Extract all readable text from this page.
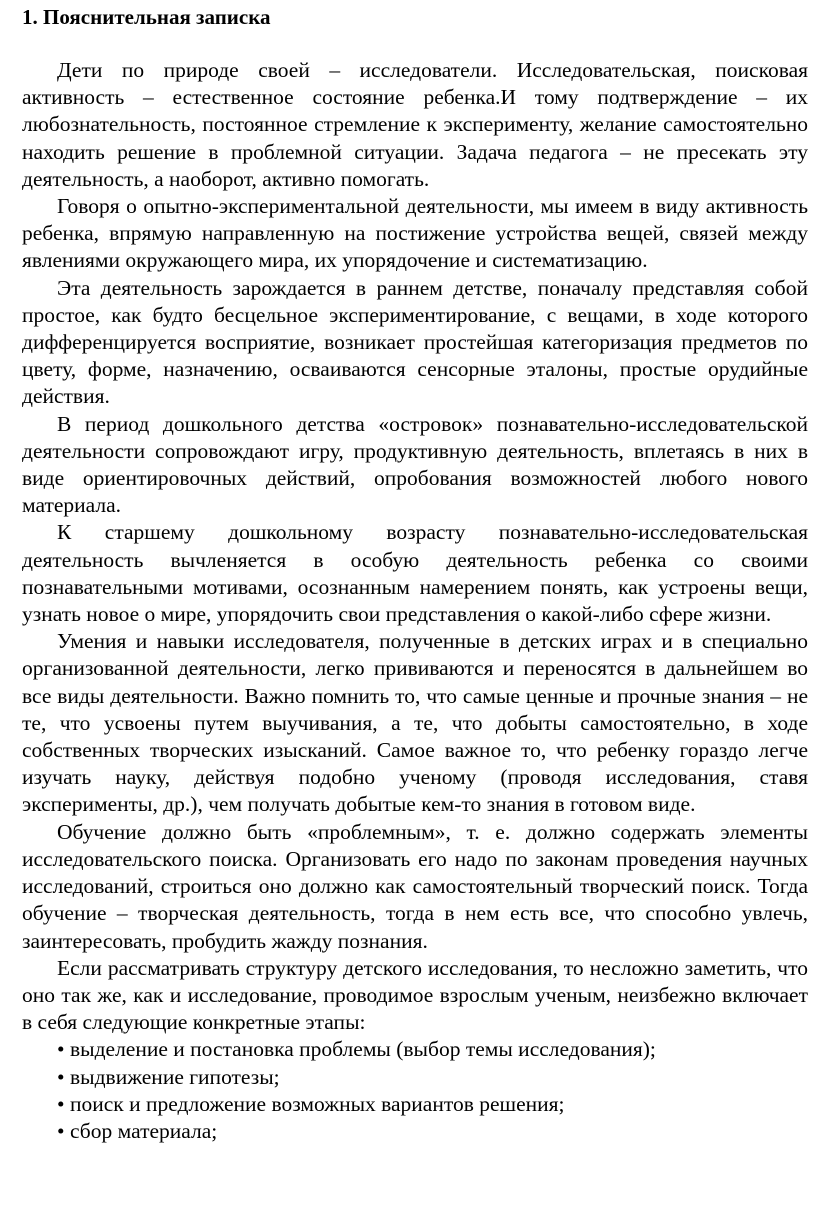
1. Пояснительная записка

Дети по природе своей – исследователи. Исследовательская, поисковая активность – естественное состояние ребенка.И тому подтверждение – их любознательность, постоянное стремление к эксперименту, желание самостоятельно находить решение в проблемной ситуации. Задача педагога – не пресекать эту деятельность, а наоборот, активно помогать.

Говоря о опытно-экспериментальной деятельности, мы имеем в виду активность ребенка, впрямую направленную на постижение устройства вещей, связей между явлениями окружающего мира, их упорядочение и систематизацию.

Эта деятельность зарождается в раннем детстве, поначалу представляя собой простое, как будто бесцельное экспериментирование, с вещами, в ходе которого дифференцируется восприятие, возникает простейшая категоризация предметов по цвету, форме, назначению, осваиваются сенсорные эталоны, простые орудийные действия.

В период дошкольного детства «островок» познавательно-исследовательской деятельности сопровождают игру, продуктивную деятельность, вплетаясь в них в виде ориентировочных действий, опробования возможностей любого нового материала.

К старшему дошкольному возрасту познавательно-исследовательская деятельность вычленяется в особую деятельность ребенка со своими познавательными мотивами, осознанным намерением понять, как устроены вещи, узнать новое о мире, упорядочить свои представления о какой-либо сфере жизни.

Умения и навыки исследователя, полученные в детских играх и в специально организованной деятельности, легко прививаются и переносятся в дальнейшем во все виды деятельности. Важно помнить то, что самые ценные и прочные знания – не те, что усвоены путем выучивания, а те, что добыты самостоятельно, в ходе собственных творческих изысканий. Самое важное то, что ребенку гораздо легче изучать науку, действуя подобно ученому (проводя исследования, ставя эксперименты, др.), чем получать добытые кем-то знания в готовом виде.

Обучение должно быть «проблемным», т. е. должно содержать элементы исследовательского поиска. Организовать его надо по законам проведения научных исследований, строиться оно должно как самостоятельный творческий поиск. Тогда обучение – творческая деятельность, тогда в нем есть все, что способно увлечь, заинтересовать, пробудить жажду познания.

Если рассматривать структуру детского исследования, то несложно заметить, что оно так же, как и исследование, проводимое взрослым ученым, неизбежно включает в себя следующие конкретные этапы:

• выделение и постановка проблемы (выбор темы исследования);
• выдвижение гипотезы;
• поиск и предложение возможных вариантов решения;
• сбор материала;
